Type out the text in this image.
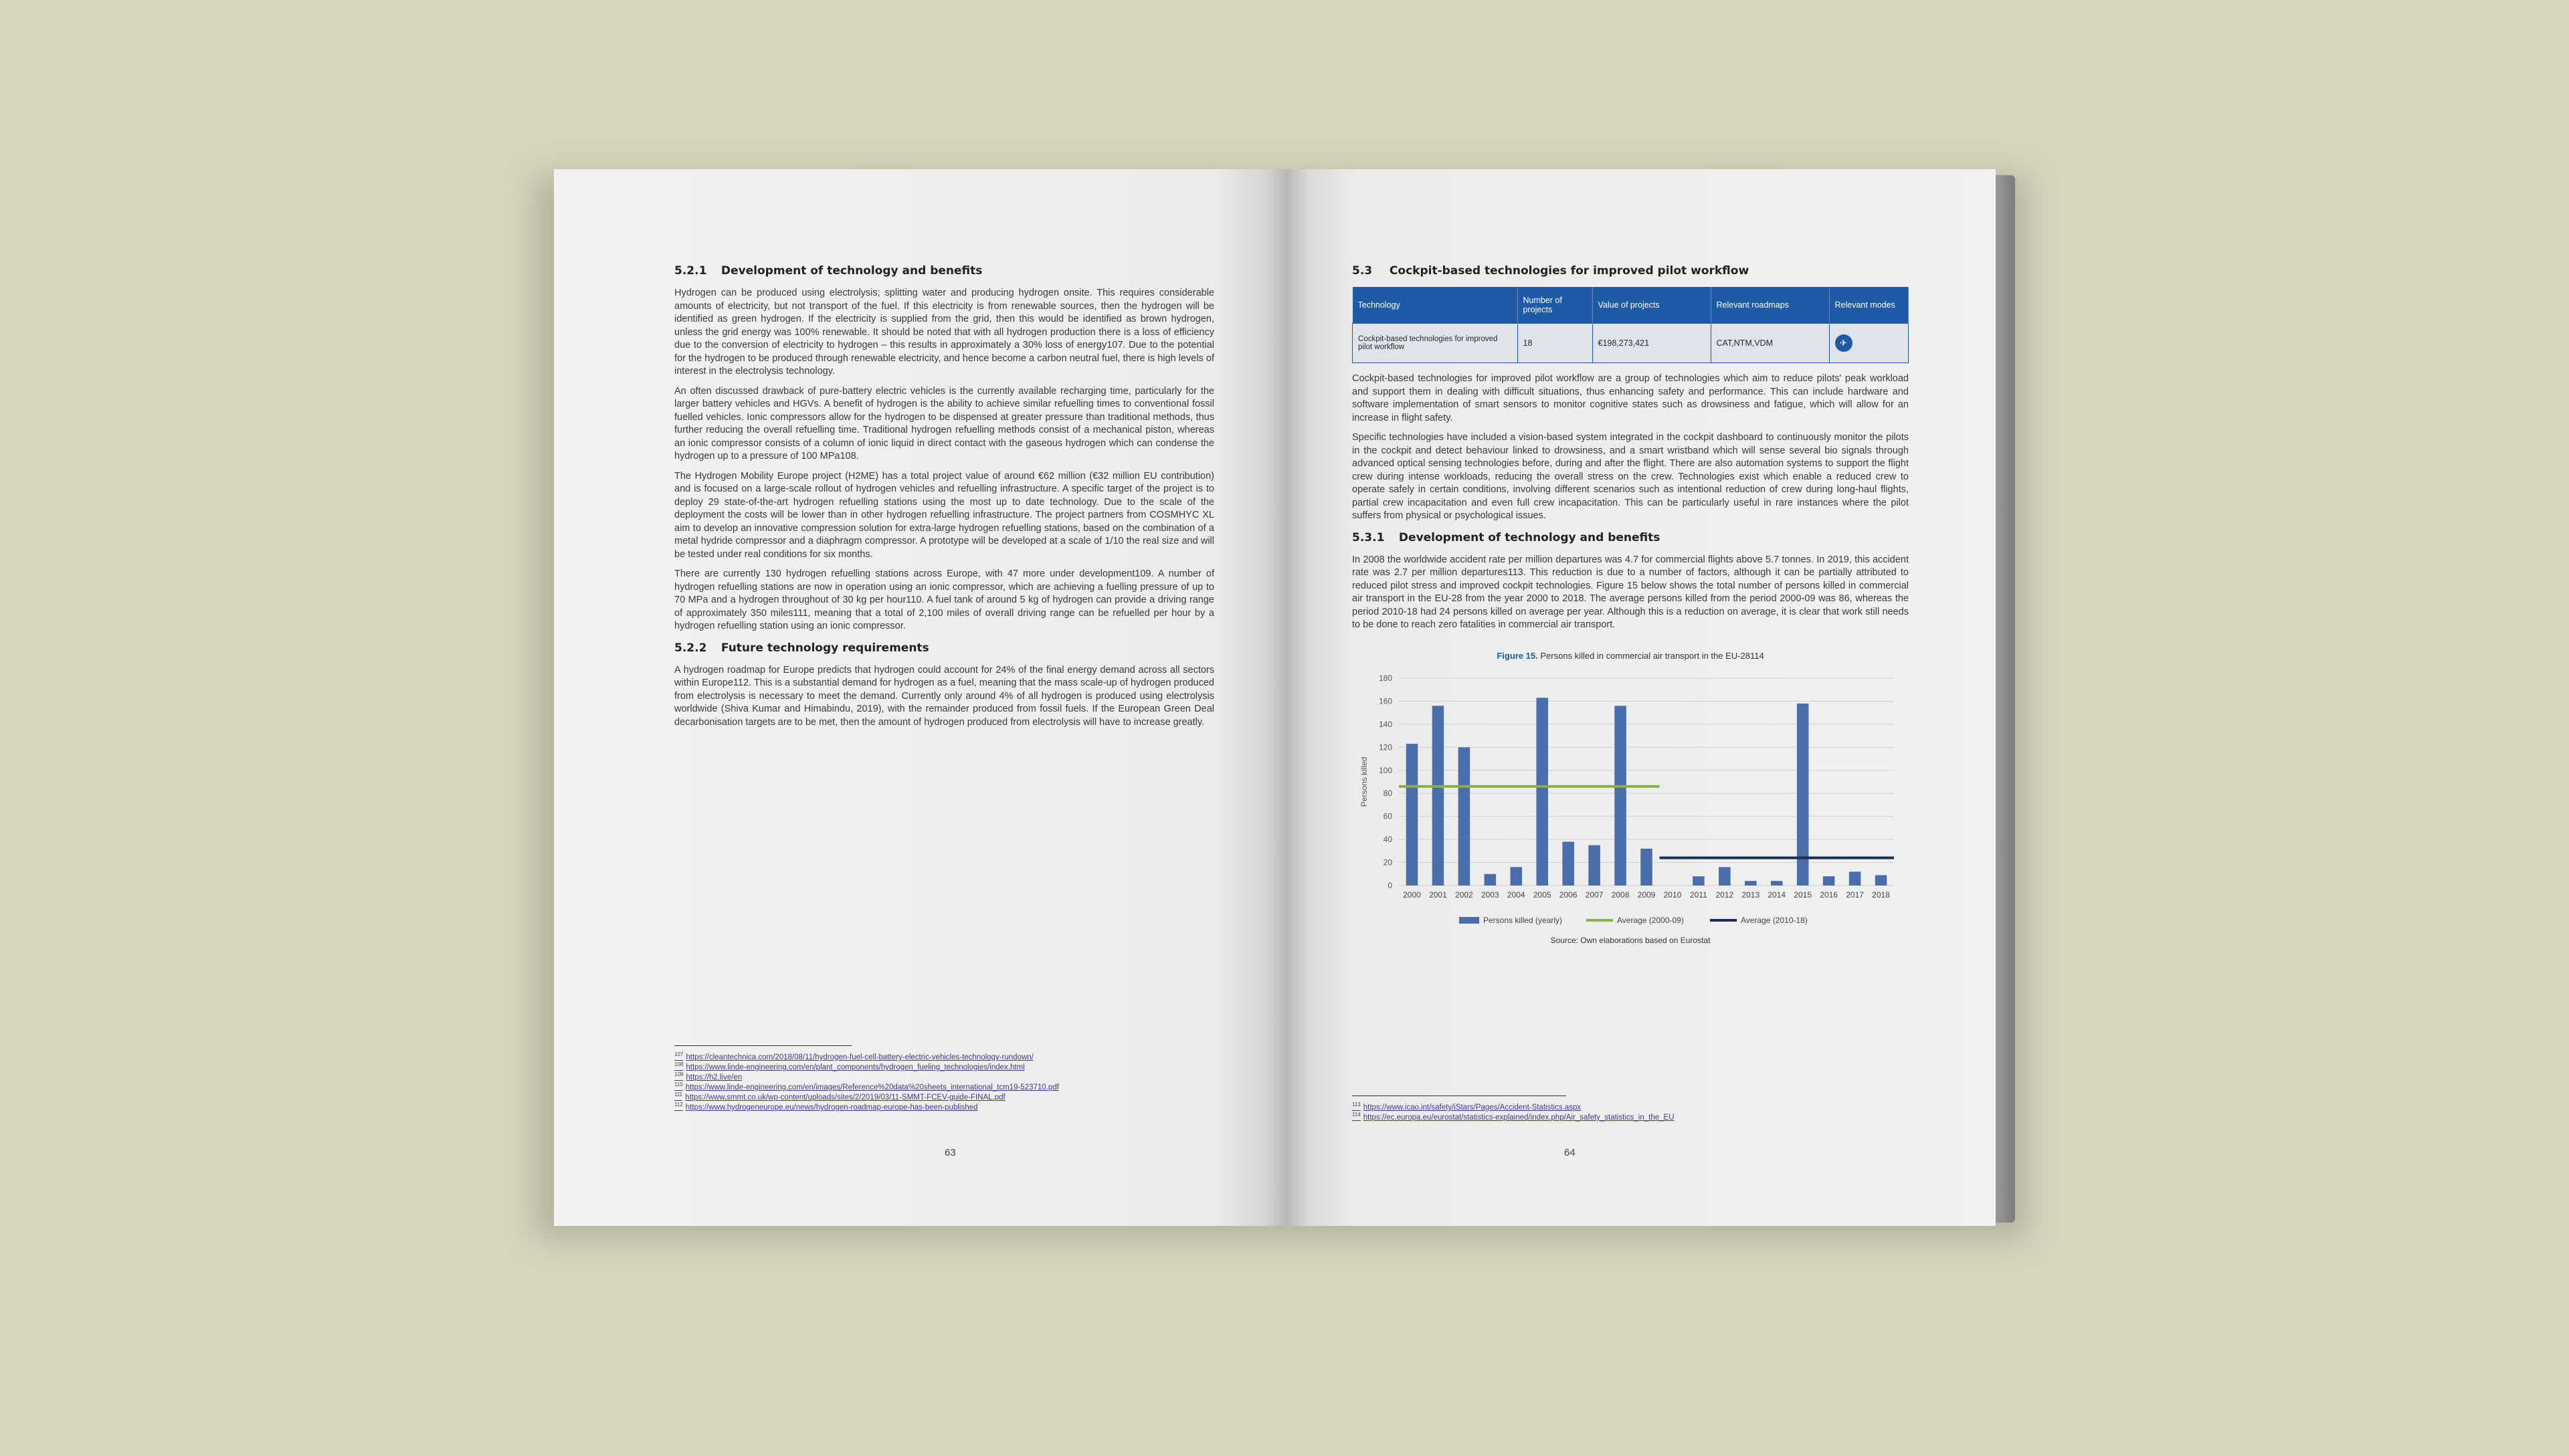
5.2.1 Development of technology and benefits

Hydrogen can be produced using electrolysis; splitting water and producing hydrogen onsite. This requires considerable amounts of electricity, but not transport of the fuel. If this electricity is from renewable sources, then the hydrogen will be identified as green hydrogen. If the electricity is supplied from the grid, then this would be identified as brown hydrogen, unless the grid energy was 100% renewable. It should be noted that with all hydrogen production there is a loss of efficiency due to the conversion of electricity to hydrogen – this results in approximately a 30% loss of energy107. Due to the potential for the hydrogen to be produced through renewable electricity, and hence become a carbon neutral fuel, there is high levels of interest in the electrolysis technology.

An often discussed drawback of pure-battery electric vehicles is the currently available recharging time, particularly for the larger battery vehicles and HGVs. A benefit of hydrogen is the ability to achieve similar refuelling times to conventional fossil fuelled vehicles. Ionic compressors allow for the hydrogen to be dispensed at greater pressure than traditional methods, thus further reducing the overall refuelling time. Traditional hydrogen refuelling methods consist of a mechanical piston, whereas an ionic compressor consists of a column of ionic liquid in direct contact with the gaseous hydrogen which can condense the hydrogen up to a pressure of 100 MPa108.

The Hydrogen Mobility Europe project (H2ME) has a total project value of around €62 million (€32 million EU contribution) and is focused on a large-scale rollout of hydrogen vehicles and refuelling infrastructure. A specific target of the project is to deploy 29 state-of-the-art hydrogen refuelling stations using the most up to date technology. Due to the scale of the deployment the costs will be lower than in other hydrogen refuelling infrastructure. The project partners from COSMHYC XL aim to develop an innovative compression solution for extra-large hydrogen refuelling stations, based on the combination of a metal hydride compressor and a diaphragm compressor. A prototype will be developed at a scale of 1/10 the real size and will be tested under real conditions for six months.

There are currently 130 hydrogen refuelling stations across Europe, with 47 more under development109. A number of hydrogen refuelling stations are now in operation using an ionic compressor, which are achieving a fuelling pressure of up to 70 MPa and a hydrogen throughout of 30 kg per hour110. A fuel tank of around 5 kg of hydrogen can provide a driving range of approximately 350 miles111, meaning that a total of 2,100 miles of overall driving range can be refuelled per hour by a hydrogen refuelling station using an ionic compressor.

5.2.2 Future technology requirements

A hydrogen roadmap for Europe predicts that hydrogen could account for 24% of the final energy demand across all sectors within Europe112. This is a substantial demand for hydrogen as a fuel, meaning that the mass scale-up of hydrogen produced from electrolysis is necessary to meet the demand. Currently only around 4% of all hydrogen is produced using electrolysis worldwide (Shiva Kumar and Himabindu, 2019), with the remainder produced from fossil fuels. If the European Green Deal decarbonisation targets are to be met, then the amount of hydrogen produced from electrolysis will have to increase greatly.

$^{107}$ https://cleantechnica.com/2018/08/11/hydrogen-fuel-cell-battery-electric-vehicles-technology-rundown/
$^{108}$ https://www.linde-engineering.com/en/plant_components/hydrogen_fueling_technologies/index.html
$^{109}$ https://h2.live/en
$^{110}$ https://www.linde-engineering.com/en/images/Reference%20data%20sheets_international_tcm19-523710.pdf
$^{111}$ https://www.smmt.co.uk/wp-content/uploads/sites/2/2019/03/11-SMMT-FCEV-guide-FINAL.pdf
$^{112}$ https://www.hydrogeneurope.eu/news/hydrogen-roadmap-europe-has-been-published
63
5.3 Cockpit-based technologies for improved pilot workflow
Technology	Number of projects	Value of projects	Relevant roadmaps	Relevant modes
Cockpit-based technologies for improved pilot workflow	18	€198,273,421	CAT,NTM,VDM	✈

Cockpit-based technologies for improved pilot workflow are a group of technologies which aim to reduce pilots' peak workload and support them in dealing with difficult situations, thus enhancing safety and performance. This can include hardware and software implementation of smart sensors to monitor cognitive states such as drowsiness and fatigue, which will allow for an increase in flight safety.

Specific technologies have included a vision-based system integrated in the cockpit dashboard to continuously monitor the pilots in the cockpit and detect behaviour linked to drowsiness, and a smart wristband which will sense several bio signals through advanced optical sensing technologies before, during and after the flight. There are also automation systems to support the flight crew during intense workloads, reducing the overall stress on the crew. Technologies exist which enable a reduced crew to operate safely in certain conditions, involving different scenarios such as intentional reduction of crew during long-haul flights, partial crew incapacitation and even full crew incapacitation. This can be particularly useful in rare instances where the pilot suffers from physical or psychological issues.

5.3.1 Development of technology and benefits

In 2008 the worldwide accident rate per million departures was 4.7 for commercial flights above 5.7 tonnes. In 2019, this accident rate was 2.7 per million departures113. This reduction is due to a number of factors, although it can be partially attributed to reduced pilot stress and improved cockpit technologies. Figure 15 below shows the total number of persons killed in commercial air transport in the EU-28 from the year 2000 to 2018. The average persons killed from the period 2000-09 was 86, whereas the period 2010-18 had 24 persons killed on average per year. Although this is a reduction on average, it is clear that work still needs to be done to reach zero fatalities in commercial air transport.

Figure 15. Persons killed in commercial air transport in the EU-28114
0
20
40
60
80
100
120
140
160
180
Persons killed
2000 2001 2002 2003 2004 2005 2006 2007 2008 2009 2010 2011 2012 2013 2014 2015 2016 2017 2018
Persons killed (yearly)	Average (2000-09)	Average (2010-18)
Source: Own elaborations based on Eurostat
$^{113}$ https://www.icao.int/safety/iStars/Pages/Accident-Statistics.aspx
$^{114}$ https://ec.europa.eu/eurostat/statistics-explained/index.php/Air_safety_statistics_in_the_EU
64
